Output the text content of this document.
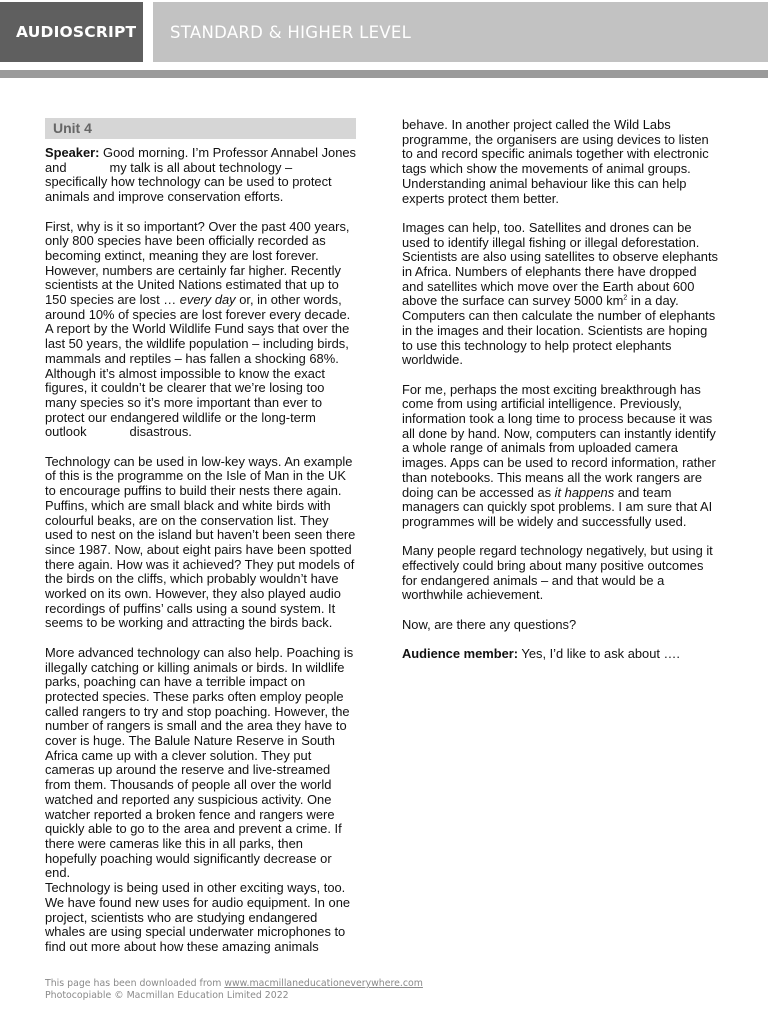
AUDIOSCRIPT	STANDARD & HIGHER LEVEL
Unit 4

Speaker: Good morning. I’m Professor Annabel Jones and            my talk is all about technology – specifically how technology can be used to protect animals and improve conservation efforts.

First, why is it so important? Over the past 400 years, only 800 species have been officially recorded as becoming extinct, meaning they are lost forever. However, numbers are certainly far higher. Recently scientists at the United Nations estimated that up to 150 species are lost … every day or, in other words, around 10% of species are lost forever every decade. A report by the World Wildlife Fund says that over the last 50 years, the wildlife population – including birds, mammals and reptiles – has fallen a shocking 68%. Although it’s almost impossible to know the exact figures, it couldn’t be clearer that we’re losing too many species so it’s more important than ever to protect our endangered wildlife or the long-term outlook            disastrous.

Technology can be used in low-key ways. An example of this is the programme on the Isle of Man in the UK to encourage puffins to build their nests there again. Puffins, which are small black and white birds with colourful beaks, are on the conservation list. They used to nest on the island but haven’t been seen there since 1987. Now, about eight pairs have been spotted there again. How was it achieved? They put models of the birds on the cliffs, which probably wouldn’t have worked on its own. However, they also played audio recordings of puffins’ calls using a sound system. It seems to be working and attracting the birds back.

More advanced technology can also help. Poaching is illegally catching or killing animals or birds. In wildlife parks, poaching can have a terrible impact on protected species. These parks often employ people called rangers to try and stop poaching. However, the number of rangers is small and the area they have to cover is huge. The Balule Nature Reserve in South Africa came up with a clever solution. They put cameras up around the reserve and live-streamed from them. Thousands of people all over the world watched and reported any suspicious activity. One watcher reported a broken fence and rangers were quickly able to go to the area and prevent a crime. If there were cameras like this in all parks, then hopefully poaching would significantly decrease or end.

Technology is being used in other exciting ways, too. We have found new uses for audio equipment. In one project, scientists who are studying endangered whales are using special underwater microphones to find out more about how these amazing animals

behave. In another project called the Wild Labs programme, the organisers are using devices to listen to and record specific animals together with electronic tags which show the movements of animal groups. Understanding animal behaviour like this can help experts protect them better.

Images can help, too. Satellites and drones can be used to identify illegal fishing or illegal deforestation. Scientists are also using satellites to observe elephants in Africa. Numbers of elephants there have dropped and satellites which move over the Earth about 600       above the surface can survey 5000 $km^2$ in a day. Computers can then calculate the number of elephants in the images and their location. Scientists are hoping to use this technology to help protect elephants worldwide.

For me, perhaps the most exciting breakthrough has come from using artificial intelligence. Previously, information took a long time to process because it was all done by hand. Now, computers can instantly identify a whole range of animals from uploaded camera images. Apps can be used to record information, rather than notebooks. This means all the work rangers are doing can be accessed as it happens and team managers can quickly spot problems. I am sure that AI programmes will be widely and successfully used.

Many people regard technology negatively, but using it effectively could bring about many positive outcomes for endangered animals – and that would be a worthwhile achievement.

Now, are there any questions?

Audience member: Yes, I’d like to ask about ….

This page has been downloaded from www.macmillaneducationeverywhere.com
Photocopiable © Macmillan Education Limited 2022
